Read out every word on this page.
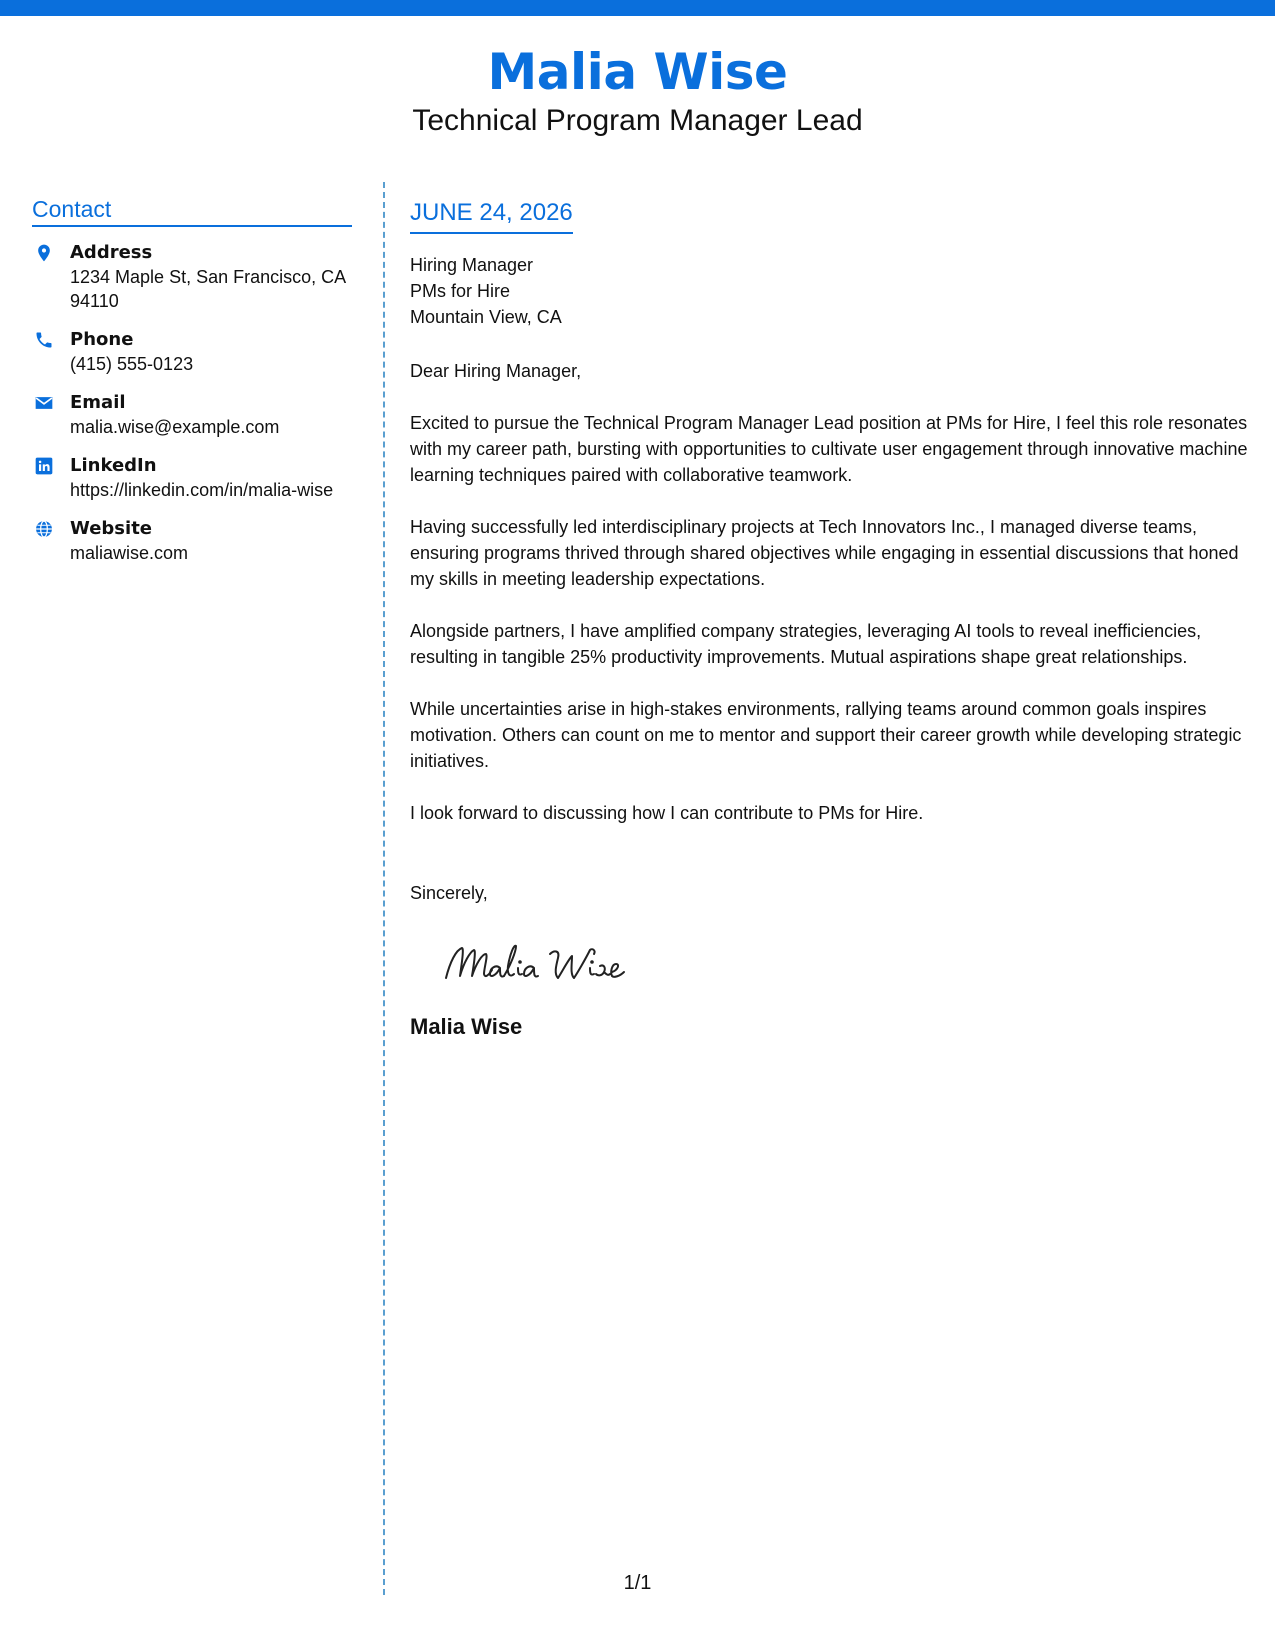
Malia Wise
Technical Program Manager Lead
Contact
Address
1234 Maple St, San Francisco, CA 94110
Phone
(415) 555-0123
Email
malia.wise@example.com
LinkedIn
https://linkedin.com/in/malia-wise
Website
maliawise.com
JUNE 24, 2026
Hiring Manager
PMs for Hire
Mountain View, CA
Dear Hiring Manager,
Excited to pursue the Technical Program Manager Lead position at PMs for Hire, I feel this role resonates with my career path, bursting with opportunities to cultivate user engagement through innovative machine learning techniques paired with collaborative teamwork.
Having successfully led interdisciplinary projects at Tech Innovators Inc., I managed diverse teams, ensuring programs thrived through shared objectives while engaging in essential discussions that honed my skills in meeting leadership expectations.
Alongside partners, I have amplified company strategies, leveraging AI tools to reveal inefficiencies, resulting in tangible 25% productivity improvements. Mutual aspirations shape great relationships.
While uncertainties arise in high-stakes environments, rallying teams around common goals inspires motivation. Others can count on me to mentor and support their career growth while developing strategic initiatives.
I look forward to discussing how I can contribute to PMs for Hire.
Sincerely,
Malia Wise
1/1
